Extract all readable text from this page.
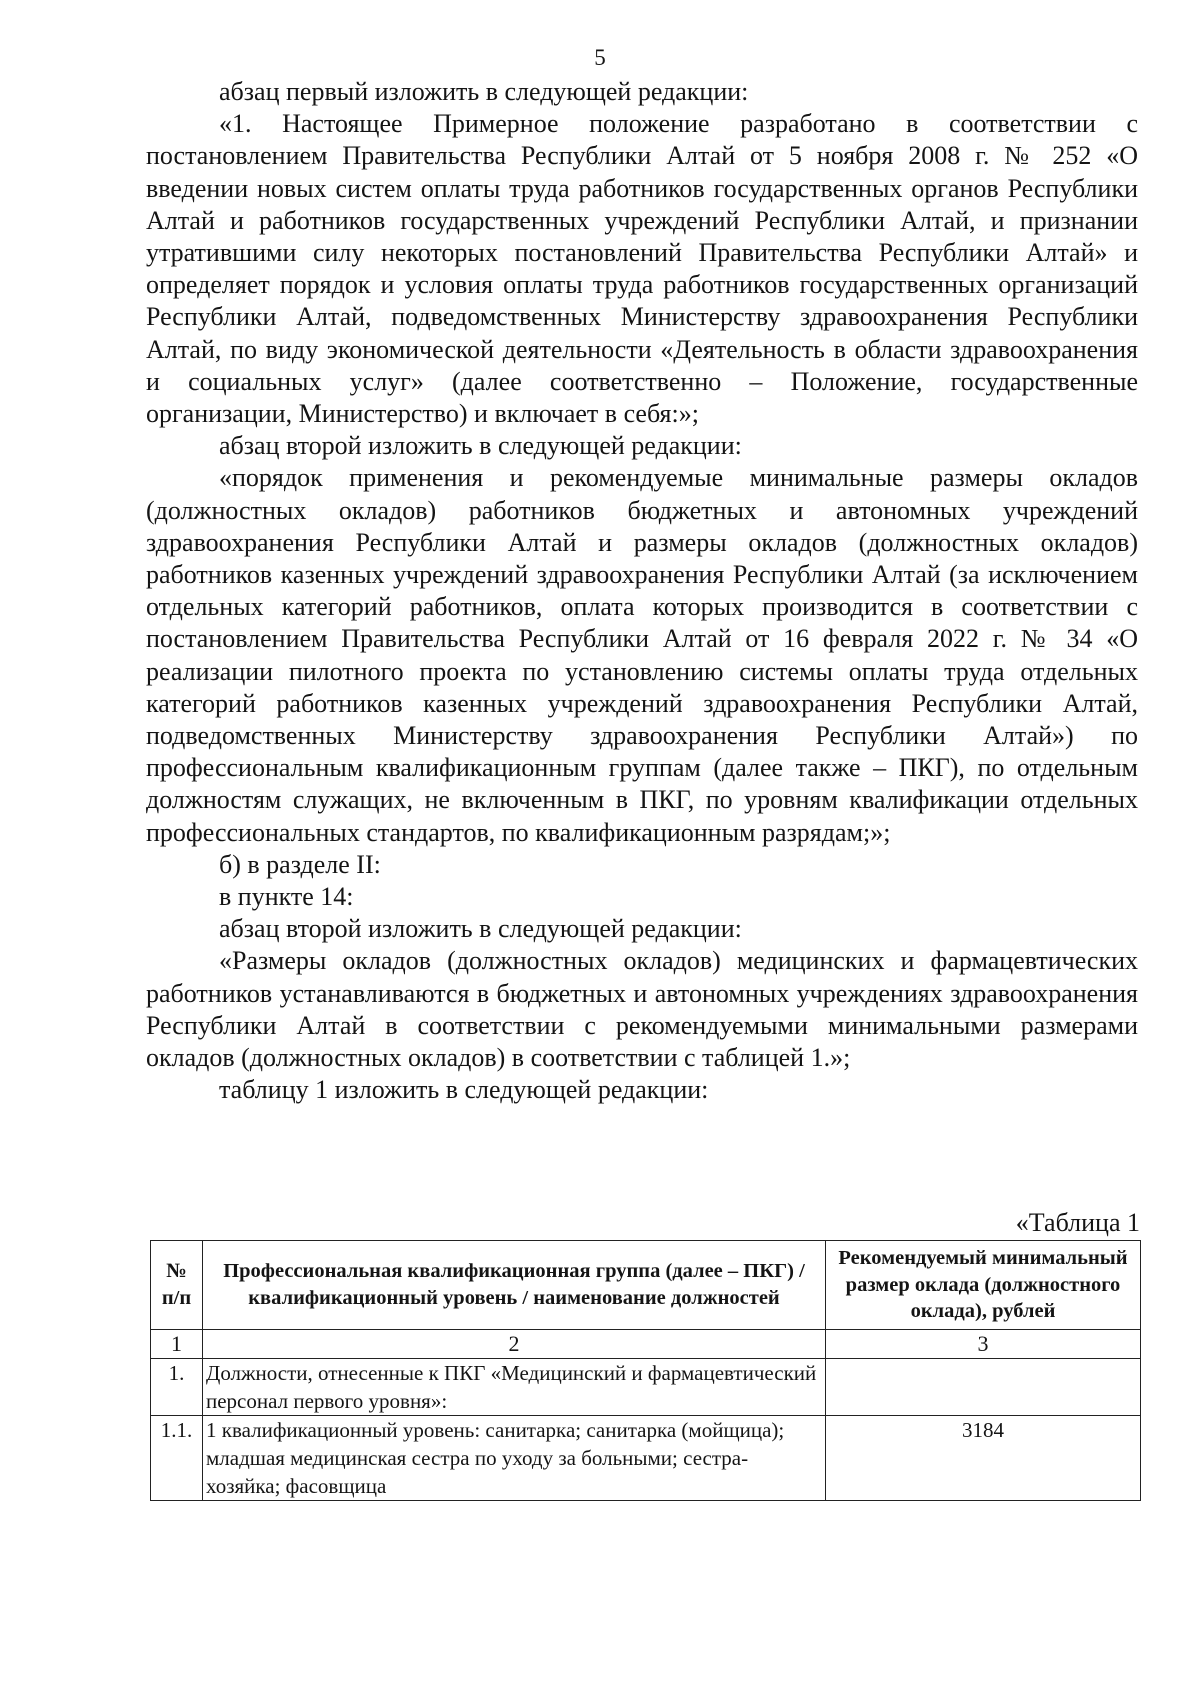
5

абзац первый изложить в следующей редакции:

«1. Настоящее Примерное положение разработано в соответствии с постановлением Правительства Республики Алтай от 5 ноября 2008 г. № 252 «О введении новых систем оплаты труда работников государственных органов Республики Алтай и работников государственных учреждений Республики Алтай, и признании утратившими силу некоторых постановлений Правительства Республики Алтай» и определяет порядок и условия оплаты труда работников государственных организаций Республики Алтай, подведомственных Министерству здравоохранения Республики Алтай, по виду экономической деятельности «Деятельность в области здравоохранения и социальных услуг» (далее соответственно – Положение, государственные организации, Министерство) и включает в себя:»;

абзац второй изложить в следующей редакции:

«порядок применения и рекомендуемые минимальные размеры окладов (должностных окладов) работников бюджетных и автономных учреждений здравоохранения Республики Алтай и размеры окладов (должностных окладов) работников казенных учреждений здравоохранения Республики Алтай (за исключением отдельных категорий работников, оплата которых производится в соответствии с постановлением Правительства Республики Алтай от 16 февраля 2022 г. № 34 «О реализации пилотного проекта по установлению системы оплаты труда отдельных категорий работников казенных учреждений здравоохранения Республики Алтай, подведомственных Министерству здравоохранения Республики Алтай») по профессиональным квалификационным группам (далее также – ПКГ), по отдельным должностям служащих, не включенным в ПКГ, по уровням квалификации отдельных профессиональных стандартов, по квалификационным разрядам;»;

б) в разделе II:

в пункте 14:

абзац второй изложить в следующей редакции:

«Размеры окладов (должностных окладов) медицинских и фармацевтических работников устанавливаются в бюджетных и автономных учреждениях здравоохранения Республики Алтай в соответствии с рекомендуемыми минимальными размерами окладов (должностных окладов) в соответствии с таблицей 1.»;

таблицу 1 изложить в следующей редакции:

«Таблица 1
№ п/п	Профессиональная квалификационная группа (далее – ПКГ) / квалификационный уровень / наименование должностей	Рекомендуемый минимальный размер оклада (должностного оклада), рублей
1	2	3
1.	Должности, отнесенные к ПКГ «Медицинский и фармацевтический персонал первого уровня»:	
1.1.	1 квалификационный уровень: санитарка; санитарка (мойщица); младшая медицинская сестра по уходу за больными; сестра-хозяйка; фасовщица	3184
